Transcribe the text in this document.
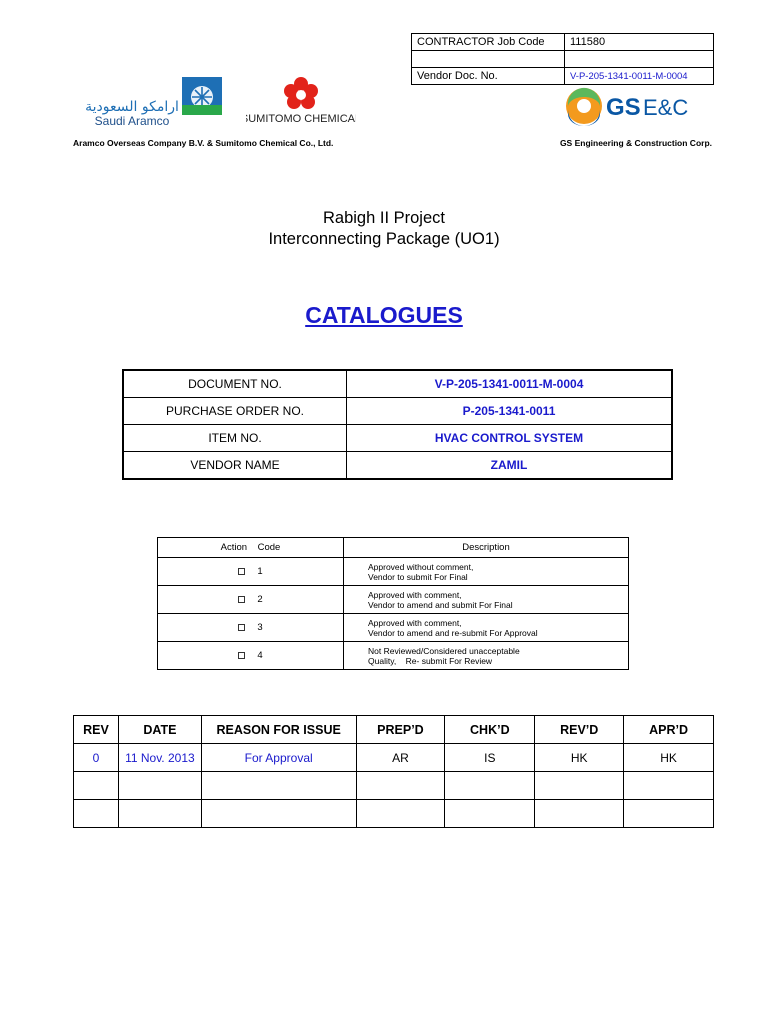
CONTRACTOR Job Code	111580

Vendor Doc. No.	V-P-205-1341-0011-M-0004
ارامكو السعودية
Saudi Aramco	SUMITOMO CHEMICAL	GS E&C
Aramco Overseas Company B.V. & Sumitomo Chemical Co., Ltd.	GS Engineering & Construction Corp.
Rabigh II Project
Interconnecting Package (UO1)
CATALOGUES
DOCUMENT NO.	V-P-205-1341-0011-M-0004
PURCHASE ORDER NO.	P-205-1341-0011
ITEM NO.	HVAC CONTROL SYSTEM
VENDOR NAME	ZAMIL
Action    Code	Description
1	Approved without comment,
Vendor to submit For Final

2	Approved with comment,
Vendor to amend and submit For Final

3	Approved with comment,
Vendor to amend and re-submit For Approval

4	Not Reviewed/Considered unacceptable
Quality,    Re- submit For Review
REV	DATE	REASON FOR ISSUE	PREP’D	CHK’D	REV’D	APR’D
0	11 Nov. 2013	For Approval	AR	IS	HK	HK
